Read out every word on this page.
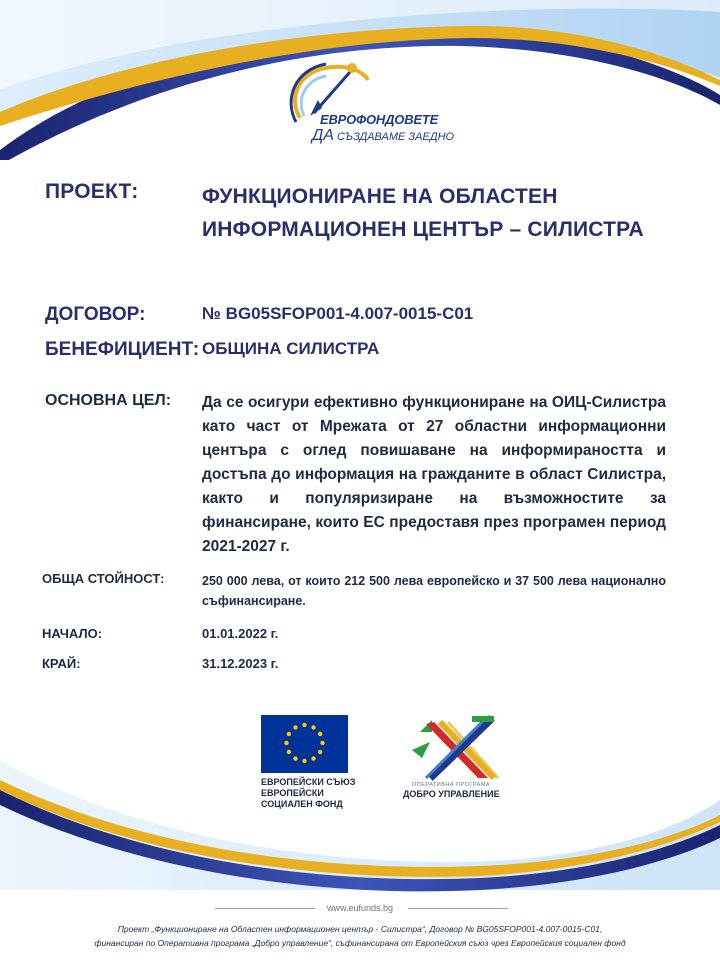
ЕВРОФОНДОВЕТЕ
ДА СЪЗДАВАМЕ ЗАЕДНО
ПРОЕКТ:	ФУНКЦИОНИРАНЕ НА ОБЛАСТЕН ИНФОРМАЦИОНЕН ЦЕНТЪР – СИЛИСТРА
ДОГОВОР:	№ BG05SFOP001-4.007-0015-C01
БЕНЕФИЦИЕНТ: ОБЩИНА СИЛИСТРА
ОСНОВНА ЦЕЛ: Да се осигури ефективно функциониране на ОИЦ-Силистра като част от Мрежата от 27 областни информационни центъра с оглед повишаване на информираността и достъпа до информация на гражданите в област Силистра, както и популяризиране на възможностите за финансиране, които ЕС предоставя през програмен период 2021-2027 г.
ОБЩА СТОЙНОСТ:	250 000 лева, от които 212 500 лева европейско и 37 500 лева национално съфинансиране.
НАЧАЛО:	01.01.2022 г.
КРАЙ:	31.12.2023 г.
ЕВРОПЕЙСКИ СЪЮЗ
ЕВРОПЕЙСКИ
СОЦИАЛЕН ФОНД
ОПЕРАТИВНА ПРОГРАМА
ДОБРО УПРАВЛЕНИЕ
www.eufunds.bg
Проект „Функциониране на Областен информационен център - Силистра“, Договор № BG05SFOP001-4.007-0015-C01,
финансиран по Оперативна програма „Добро управление“, съфинансирана от Европейския съюз чрез Европейския социален фонд
